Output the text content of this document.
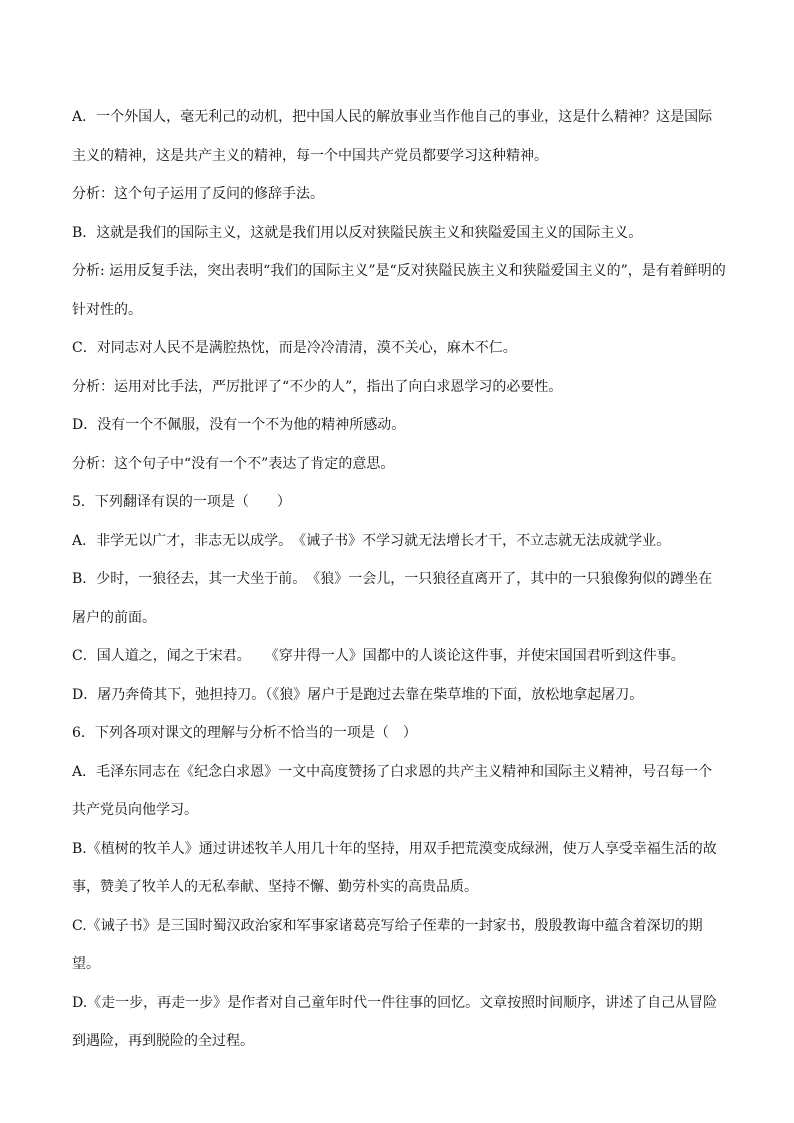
A．一个外国人，毫无利己的动机，把中国人民的解放事业当作他自己的事业，这是什么精神？这是国际主义的精神，这是共产主义的精神，每一个中国共产党员都要学习这种精神。

分析：这个句子运用了反问的修辞手法。

B．这就是我们的国际主义，这就是我们用以反对狭隘民族主义和狭隘爱国主义的国际主义。

分析: 运用反复手法，突出表明“我们的国际主义”是“反对狭隘民族主义和狭隘爱国主义的”，是有着鲜明的针对性的。

C．对同志对人民不是满腔热忱，而是冷冷清清，漠不关心，麻木不仁。

分析：运用对比手法，严厉批评了“不少的人”，指出了向白求恩学习的必要性。

D．没有一个不佩服，没有一个不为他的精神所感动。

分析：这个句子中“没有一个不”表达了肯定的意思。

5．下列翻译有误的一项是（　　）

A．非学无以广才，非志无以成学。　《诫子书》不学习就无法增长才干，不立志就无法成就学业。

B．少时，一狼径去，其一犬坐于前。　《狼》一会儿，一只狼径直离开了，其中的一只狼像狗似的蹲坐在屠户的前面。

C．国人道之，闻之于宋君。　　《穿井得一人》国都中的人谈论这件事，并使宋国国君听到这件事。

D．屠乃奔倚其下，弛担持刀。（《狼》屠户于是跑过去靠在柴草堆的下面，放松地拿起屠刀。

6．下列各项对课文的理解与分析不恰当的一项是（　）

A．毛泽东同志在《纪念白求恩》一文中高度赞扬了白求恩的共产主义精神和国际主义精神，号召每一个共产党员向他学习。

B.《植树的牧羊人》通过讲述牧羊人用几十年的坚持，用双手把荒漠变成绿洲，使万人享受幸福生活的故事，赞美了牧羊人的无私奉献、坚持不懈、勤劳朴实的高贵品质。

C.《诫子书》是三国时蜀汉政治家和军事家诸葛亮写给子侄辈的一封家书，殷殷教诲中蕴含着深切的期望。

D.《走一步，再走一步》是作者对自己童年时代一件往事的回忆。文章按照时间顺序，讲述了自己从冒险到遇险，再到脱险的全过程。
